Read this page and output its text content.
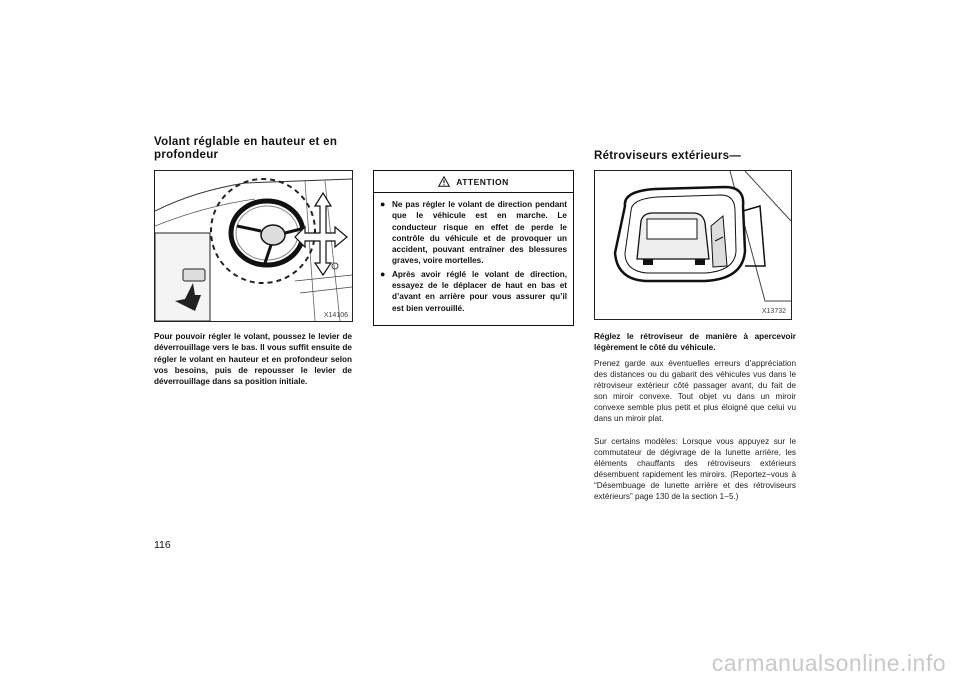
Volant réglable en hauteur et en profondeur
X14106
Pour pouvoir régler le volant, poussez le levier de déverrouillage vers le bas. Il vous suffit ensuite de régler le volant en hauteur et en profondeur selon vos besoins, puis de repousser le levier de déverrouillage dans sa position initiale.
ATTENTION
● Ne pas régler le volant de direction pendant que le véhicule est en marche. Le conducteur risque en effet de perde le contrôle du véhicule et de provoquer un accident, pouvant entraîner des blessures graves, voire mortelles.
● Après avoir réglé le volant de direction, essayez de le déplacer de haut en bas et d’avant en arrière pour vous assurer qu’il est bien verrouillé.
Rétroviseurs extérieurs—
X13732
Réglez le rétroviseur de manière à apercevoir légèrement le côté du véhicule.
Prenez garde aux éventuelles erreurs d’appréciation des distances ou du gabarit des véhicules vus dans le rétroviseur extérieur côté passager avant, du fait de son miroir convexe. Tout objet vu dans un miroir convexe semble plus petit et plus éloigné que celui vu dans un miroir plat.
Sur certains modèles: Lorsque vous appuyez sur le commutateur de dégivrage de la lunette arrière, les éléments chauffants des rétroviseurs extérieurs désembuent rapidement les miroirs. (Reportez−vous à “Désembuage de lunette arrière et des rétroviseurs extérieurs” page 130 de la section 1−5.)
116
carmanualsonline.info
